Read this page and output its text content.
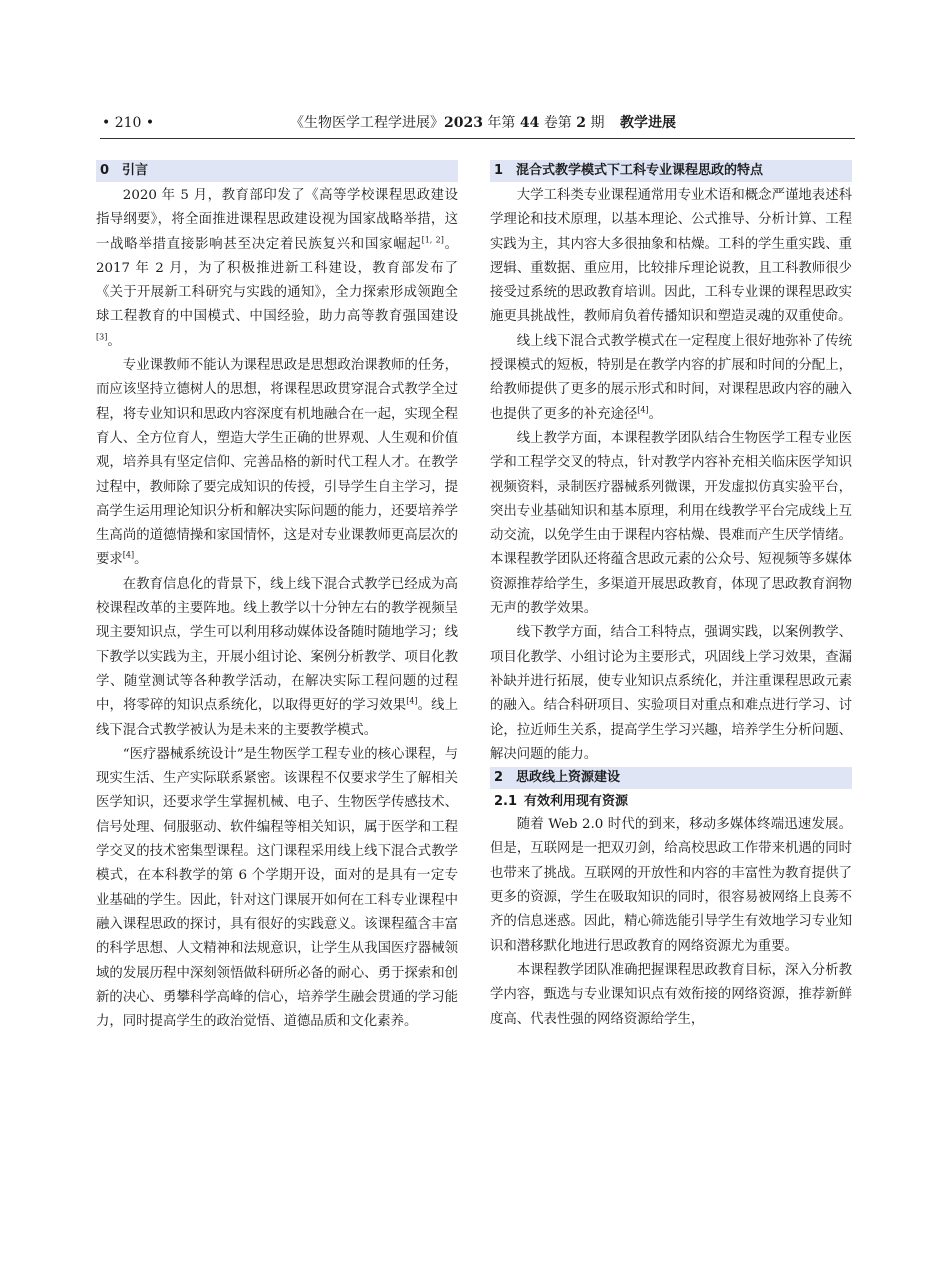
• 210 •	《生物医学工程学进展》2023 年第 44 卷第 2 期 教学进展
0 引言

2020 年 5 月，教育部印发了《高等学校课程思政建设指导纲要》，将全面推进课程思政建设视为国家战略举措，这一战略举措直接影响甚至决定着民族复兴和国家崛起[1, 2]。2017 年 2 月，为了积极推进新工科建设，教育部发布了《关于开展新工科研究与实践的通知》，全力探索形成领跑全球工程教育的中国模式、中国经验，助力高等教育强国建设[3]。

专业课教师不能认为课程思政是思想政治课教师的任务，而应该坚持立德树人的思想，将课程思政贯穿混合式教学全过程，将专业知识和思政内容深度有机地融合在一起，实现全程育人、全方位育人，塑造大学生正确的世界观、人生观和价值观，培养具有坚定信仰、完善品格的新时代工程人才。在教学过程中，教师除了要完成知识的传授，引导学生自主学习，提高学生运用理论知识分析和解决实际问题的能力，还要培养学生高尚的道德情操和家国情怀，这是对专业课教师更高层次的要求[4]。

在教育信息化的背景下，线上线下混合式教学已经成为高校课程改革的主要阵地。线上教学以十分钟左右的教学视频呈现主要知识点，学生可以利用移动媒体设备随时随地学习；线下教学以实践为主，开展小组讨论、案例分析教学、项目化教学、随堂测试等各种教学活动，在解决实际工程问题的过程中，将零碎的知识点系统化，以取得更好的学习效果[4]。线上线下混合式教学被认为是未来的主要教学模式。

“医疗器械系统设计”是生物医学工程专业的核心课程，与现实生活、生产实际联系紧密。该课程不仅要求学生了解相关医学知识，还要求学生掌握机械、电子、生物医学传感技术、信号处理、伺服驱动、软件编程等相关知识，属于医学和工程学交叉的技术密集型课程。这门课程采用线上线下混合式教学模式，在本科教学的第 6 个学期开设，面对的是具有一定专业基础的学生。因此，针对这门课展开如何在工科专业课程中融入课程思政的探讨，具有很好的实践意义。该课程蕴含丰富的科学思想、人文精神和法规意识，让学生从我国医疗器械领域的发展历程中深刻领悟做科研所必备的耐心、勇于探索和创新的决心、勇攀科学高峰的信心，培养学生融会贯通的学习能力，同时提高学生的政治觉悟、道德品质和文化素养。

1 混合式教学模式下工科专业课程思政的特点

大学工科类专业课程通常用专业术语和概念严谨地表述科学理论和技术原理，以基本理论、公式推导、分析计算、工程实践为主，其内容大多很抽象和枯燥。工科的学生重实践、重逻辑、重数据、重应用，比较排斥理论说教，且工科教师很少接受过系统的思政教育培训。因此，工科专业课的课程思政实施更具挑战性，教师肩负着传播知识和塑造灵魂的双重使命。

线上线下混合式教学模式在一定程度上很好地弥补了传统授课模式的短板，特别是在教学内容的扩展和时间的分配上，给教师提供了更多的展示形式和时间，对课程思政内容的融入也提供了更多的补充途径[4]。

线上教学方面，本课程教学团队结合生物医学工程专业医学和工程学交叉的特点，针对教学内容补充相关临床医学知识视频资料，录制医疗器械系列微课，开发虚拟仿真实验平台，突出专业基础知识和基本原理，利用在线教学平台完成线上互动交流，以免学生由于课程内容枯燥、畏难而产生厌学情绪。本课程教学团队还将蕴含思政元素的公众号、短视频等多媒体资源推荐给学生，多渠道开展思政教育，体现了思政教育润物无声的教学效果。

线下教学方面，结合工科特点，强调实践，以案例教学、项目化教学、小组讨论为主要形式，巩固线上学习效果，查漏补缺并进行拓展，使专业知识点系统化，并注重课程思政元素的融入。结合科研项目、实验项目对重点和难点进行学习、讨论，拉近师生关系，提高学生学习兴趣，培养学生分析问题、解决问题的能力。

2 思政线上资源建设
2.1 有效利用现有资源

随着 Web 2.0 时代的到来，移动多媒体终端迅速发展。但是，互联网是一把双刃剑，给高校思政工作带来机遇的同时也带来了挑战。互联网的开放性和内容的丰富性为教育提供了更多的资源，学生在吸取知识的同时，很容易被网络上良莠不齐的信息迷惑。因此，精心筛选能引导学生有效地学习专业知识和潜移默化地进行思政教育的网络资源尤为重要。

本课程教学团队准确把握课程思政教育目标，深入分析教学内容，甄选与专业课知识点有效衔接的网络资源，推荐新鲜度高、代表性强的网络资源给学生，
